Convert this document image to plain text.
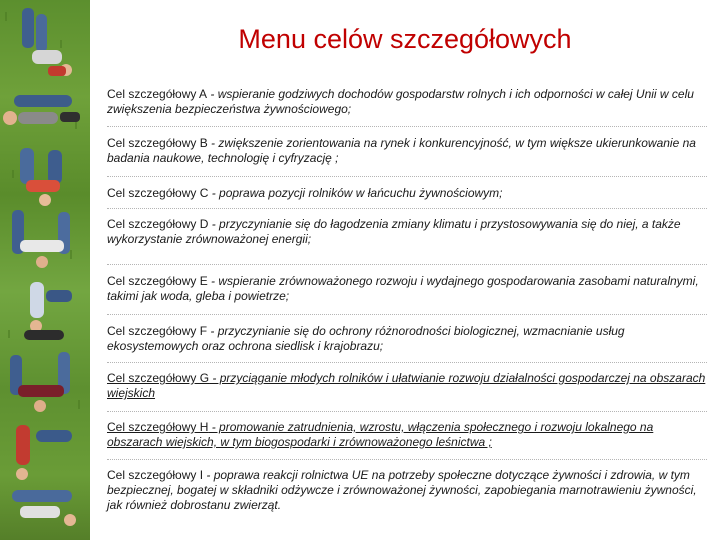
Menu celów szczegółowych
Cel szczegółowy A - wspieranie godziwych dochodów gospodarstw rolnych i ich odporności w całej Unii w celu zwiększenia bezpieczeństwa żywnościowego;
Cel szczegółowy B - zwiększenie zorientowania na rynek i konkurencyjność, w tym większe ukierunkowanie na badania naukowe, technologię i cyfryzację ;
Cel szczegółowy C - poprawa pozycji rolników w łańcuchu żywnościowym;
Cel szczegółowy D - przyczynianie się do łagodzenia zmiany klimatu i przystosowywania się do niej, a także wykorzystanie zrównoważonej energii;
Cel szczegółowy E - wspieranie zrównoważonego rozwoju i wydajnego gospodarowania zasobami naturalnymi, takimi jak woda, gleba i powietrze;
Cel szczegółowy F - przyczynianie się do ochrony różnorodności biologicznej, wzmacnianie usług ekosystemowych oraz ochrona siedlisk i krajobrazu;
Cel szczegółowy G - przyciąganie młodych rolników i ułatwianie rozwoju działalności gospodarczej na obszarach wiejskich
Cel szczegółowy H - promowanie zatrudnienia, wzrostu, włączenia społecznego i rozwoju lokalnego na obszarach wiejskich, w tym biogospodarki i zrównoważonego leśnictwa ;
Cel szczegółowy I - poprawa reakcji rolnictwa UE na potrzeby społeczne dotyczące żywności i zdrowia, w tym bezpiecznej, bogatej w składniki odżywcze i zrównoważonej żywności, zapobiegania marnotrawieniu żywności, jak również dobrostanu zwierząt.
